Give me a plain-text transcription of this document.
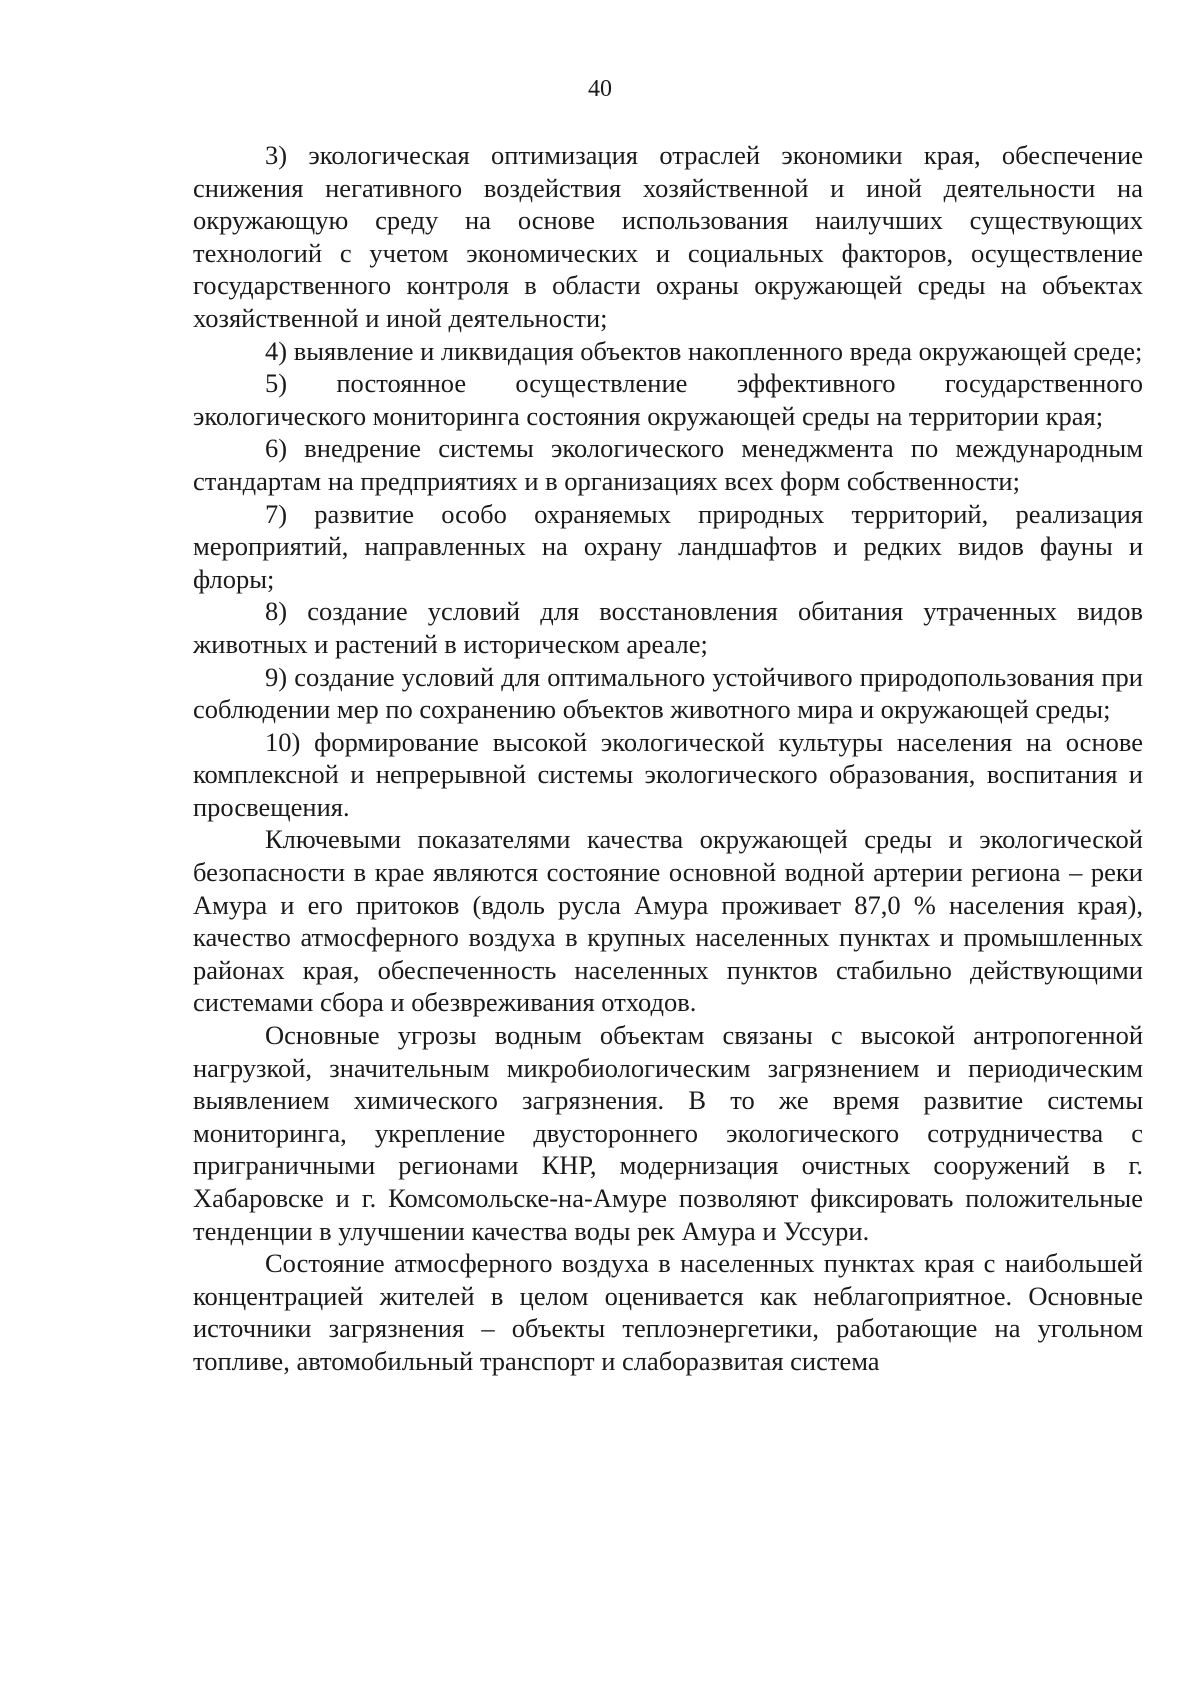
40

3) экологическая оптимизация отраслей экономики края, обеспечение снижения негативного воздействия хозяйственной и иной деятельности на окружающую среду на основе использования наилучших существующих технологий с учетом экономических и социальных факторов, осуществление государственного контроля в области охраны окружающей среды на объектах хозяйственной и иной деятельности;

4) выявление и ликвидация объектов накопленного вреда окружающей среде;

5) постоянное осуществление эффективного государственного экологического мониторинга состояния окружающей среды на территории края;

6) внедрение системы экологического менеджмента по международным стандартам на предприятиях и в организациях всех форм собственности;

7) развитие особо охраняемых природных территорий, реализация мероприятий, направленных на охрану ландшафтов и редких видов фауны и флоры;

8) создание условий для восстановления обитания утраченных видов животных и растений в историческом ареале;

9) создание условий для оптимального устойчивого природопользования при соблюдении мер по сохранению объектов животного мира и окружающей среды;

10) формирование высокой экологической культуры населения на основе комплексной и непрерывной системы экологического образования, воспитания и просвещения.

Ключевыми показателями качества окружающей среды и экологической безопасности в крае являются состояние основной водной артерии региона – реки Амура и его притоков (вдоль русла Амура проживает 87,0 % населения края), качество атмосферного воздуха в крупных населенных пунктах и промышленных районах края, обеспеченность населенных пунктов стабильно действующими системами сбора и обезвреживания отходов.

Основные угрозы водным объектам связаны с высокой антропогенной нагрузкой, значительным микробиологическим загрязнением и периодическим выявлением химического загрязнения. В то же время развитие системы мониторинга, укрепление двустороннего экологического сотрудничества с приграничными регионами КНР, модернизация очистных сооружений в г. Хабаровске и г. Комсомольске-на-Амуре позволяют фиксировать положительные тенденции в улучшении качества воды рек Амура и Уссури.

Состояние атмосферного воздуха в населенных пунктах края с наибольшей концентрацией жителей в целом оценивается как неблагоприятное. Основные источники загрязнения – объекты теплоэнергетики, работающие на угольном топливе, автомобильный транспорт и слаборазвитая система
